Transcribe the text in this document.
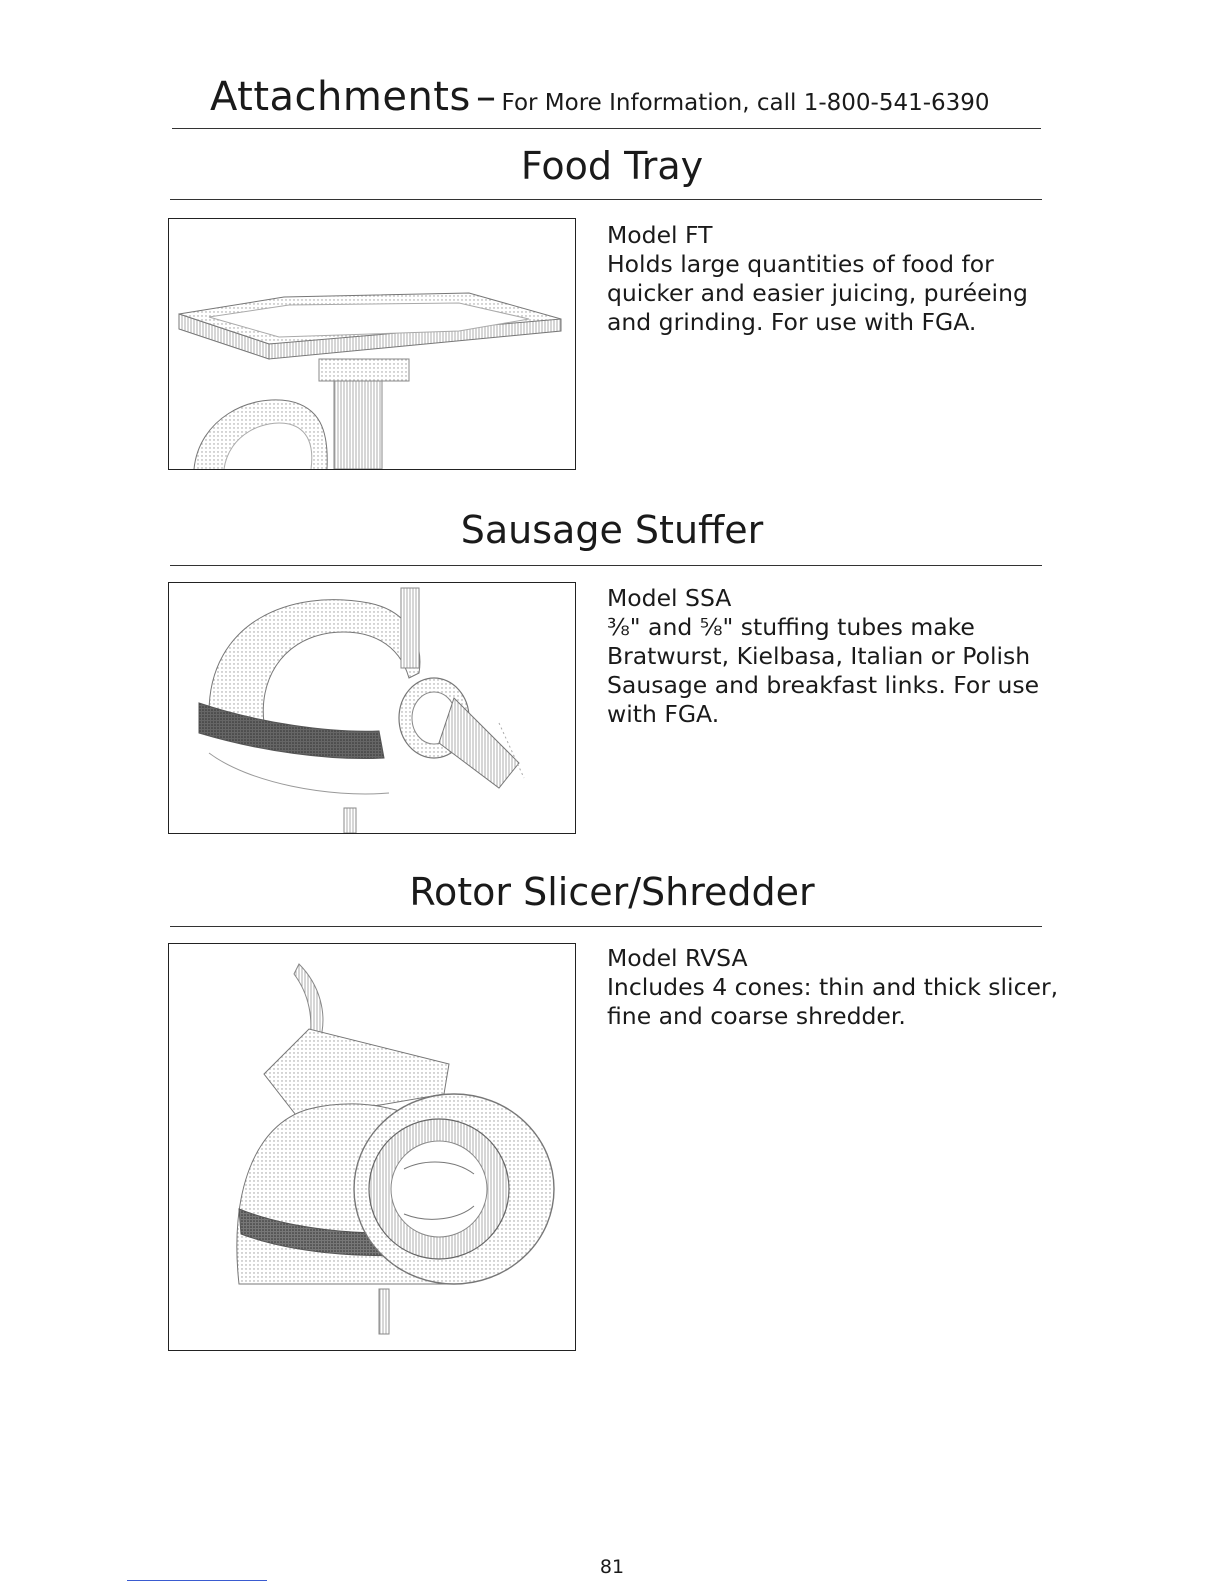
Attachments – For More Information, call 1-800-541-6390
Food Tray
Model FT
Holds large quantities of food for quicker and easier juicing, puréeing and grinding. For use with FGA.
Sausage Stuffer
Model SSA
⅜" and ⅝" stuffing tubes make Bratwurst, Kielbasa, Italian or Polish Sausage and breakfast links. For use with FGA.
Rotor Slicer/Shredder
Model RVSA
Includes 4 cones: thin and thick slicer, fine and coarse shredder.
81
